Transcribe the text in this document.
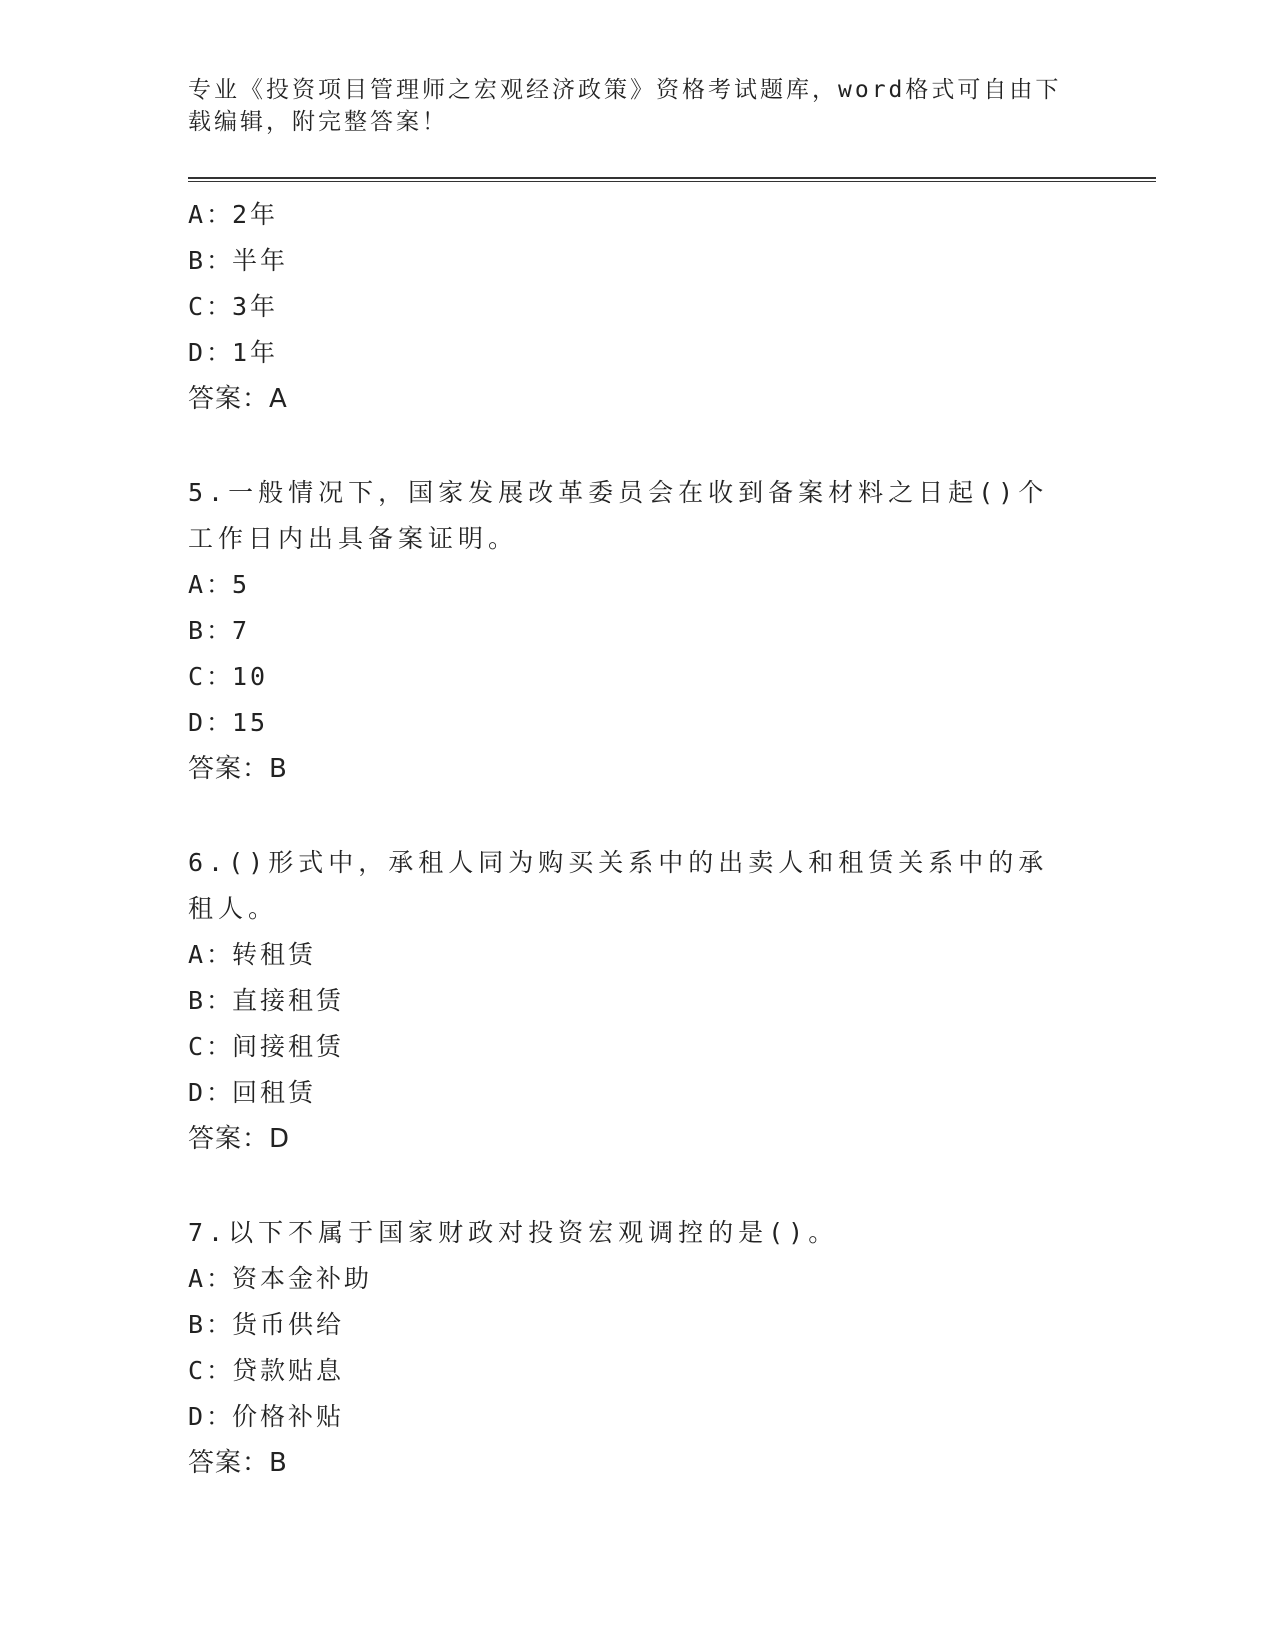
专业《投资项目管理师之宏观经济政策》资格考试题库，word格式可自由下载编辑，附完整答案！

A：2年
B：半年
C：3年
D：1年
答案：A
5.一般情况下，国家发展改革委员会在收到备案材料之日起()个工作日内出具备案证明。
A：5
B：7
C：10
D：15
答案：B
6.()形式中，承租人同为购买关系中的出卖人和租赁关系中的承租人。
A：转租赁
B：直接租赁
C：间接租赁
D：回租赁
答案：D
7.以下不属于国家财政对投资宏观调控的是()。
A：资本金补助
B：货币供给
C：贷款贴息
D：价格补贴
答案：B
